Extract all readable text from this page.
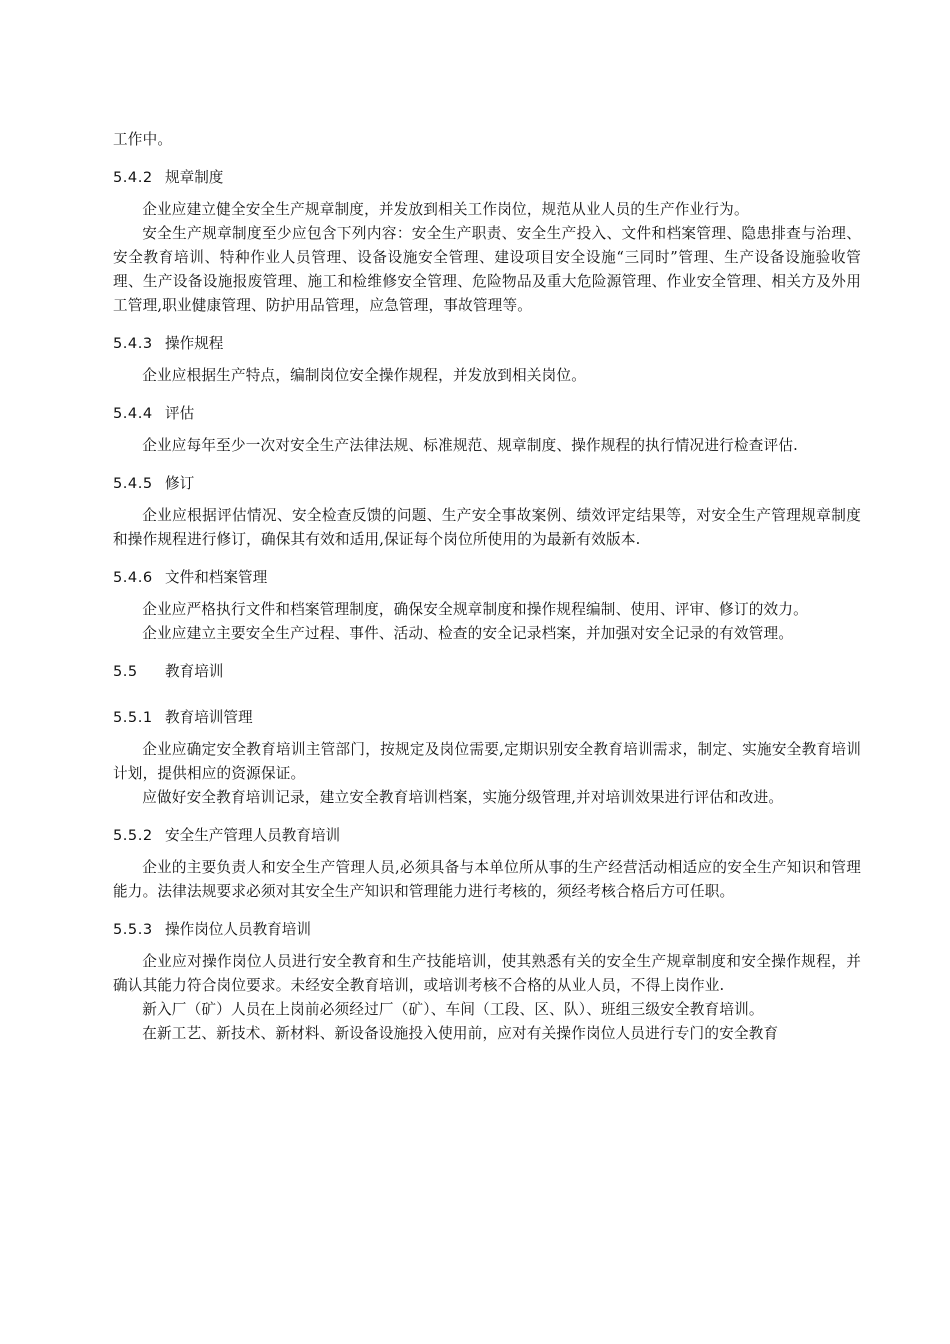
工作中。

5.4.2 规章制度

企业应建立健全安全生产规章制度，并发放到相关工作岗位，规范从业人员的生产作业行为。

安全生产规章制度至少应包含下列内容：安全生产职责、安全生产投入、文件和档案管理、隐患排查与治理、安全教育培训、特种作业人员管理、设备设施安全管理、建设项目安全设施“三同时”管理、生产设备设施验收管理、生产设备设施报废管理、施工和检维修安全管理、危险物品及重大危险源管理、作业安全管理、相关方及外用工管理,职业健康管理、防护用品管理，应急管理，事故管理等。

5.4.3 操作规程

企业应根据生产特点，编制岗位安全操作规程，并发放到相关岗位。

5.4.4 评估

企业应每年至少一次对安全生产法律法规、标准规范、规章制度、操作规程的执行情况进行检查评估.

5.4.5 修订

企业应根据评估情况、安全检查反馈的问题、生产安全事故案例、绩效评定结果等，对安全生产管理规章制度和操作规程进行修订，确保其有效和适用,保证每个岗位所使用的为最新有效版本.

5.4.6 文件和档案管理

企业应严格执行文件和档案管理制度，确保安全规章制度和操作规程编制、使用、评审、修订的效力。

企业应建立主要安全生产过程、事件、活动、检查的安全记录档案，并加强对安全记录的有效管理。

5.5 教育培训
5.5.1 教育培训管理

企业应确定安全教育培训主管部门，按规定及岗位需要,定期识别安全教育培训需求，制定、实施安全教育培训计划，提供相应的资源保证。

应做好安全教育培训记录，建立安全教育培训档案，实施分级管理,并对培训效果进行评估和改进。

5.5.2 安全生产管理人员教育培训

企业的主要负责人和安全生产管理人员,必须具备与本单位所从事的生产经营活动相适应的安全生产知识和管理能力。法律法规要求必须对其安全生产知识和管理能力进行考核的，须经考核合格后方可任职。

5.5.3 操作岗位人员教育培训

企业应对操作岗位人员进行安全教育和生产技能培训，使其熟悉有关的安全生产规章制度和安全操作规程，并确认其能力符合岗位要求。未经安全教育培训，或培训考核不合格的从业人员，不得上岗作业.

新入厂（矿）人员在上岗前必须经过厂（矿）、车间（工段、区、队）、班组三级安全教育培训。

在新工艺、新技术、新材料、新设备设施投入使用前，应对有关操作岗位人员进行专门的安全教育
